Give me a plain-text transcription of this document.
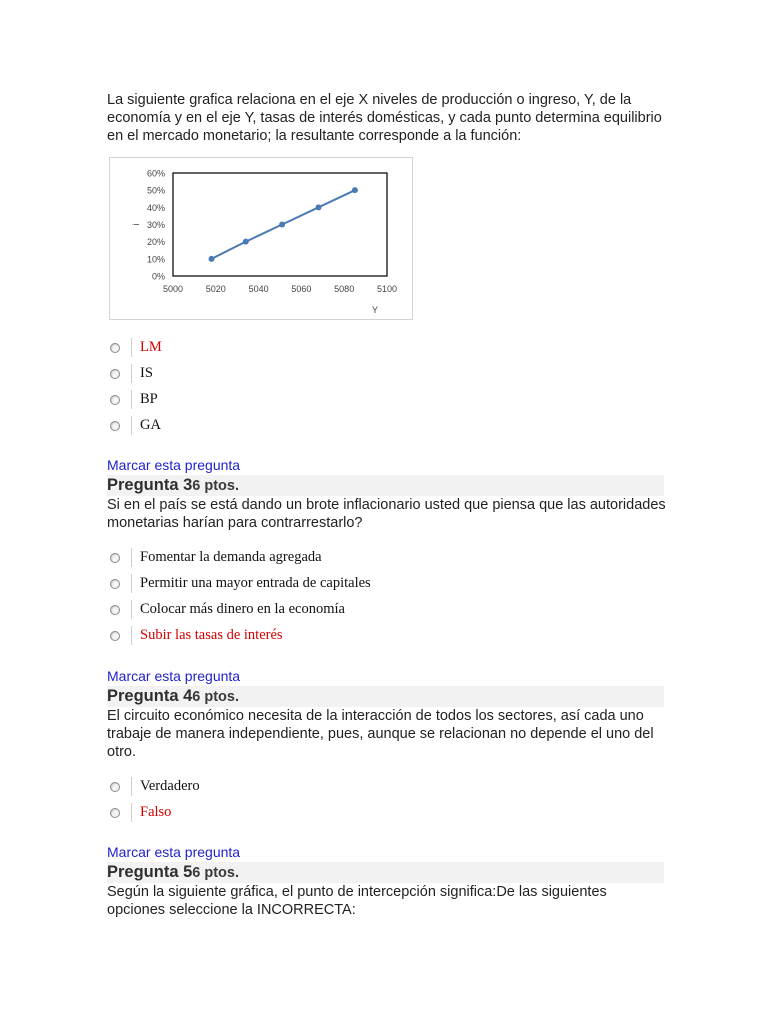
La siguiente grafica relaciona en el eje X niveles de producción o ingreso, Y, de la economía y en el eje Y, tasas de interés domésticas, y cada punto determina equilibrio en el mercado monetario; la resultante corresponde a la función:
0%
10%
20%
30%
40%
50%
60%
5000	5020	5040	5060	5080	5100
Y
i
LM
IS
BP
GA
Marcar esta pregunta
Pregunta 36 ptos.
Si en el país se está dando un brote inflacionario usted que piensa que las autoridades monetarias harían para contrarrestarlo?
Fomentar la demanda agregada
Permitir una mayor entrada de capitales
Colocar más dinero en la economía
Subir las tasas de interés
Marcar esta pregunta
Pregunta 46 ptos.
El circuito económico necesita de la interacción de todos los sectores, así cada uno trabaje de manera independiente, pues, aunque se relacionan no depende el uno del otro.
Verdadero
Falso
Marcar esta pregunta
Pregunta 56 ptos.
Según la siguiente gráfica, el punto de intercepción significa:De las siguientes opciones seleccione la INCORRECTA:
